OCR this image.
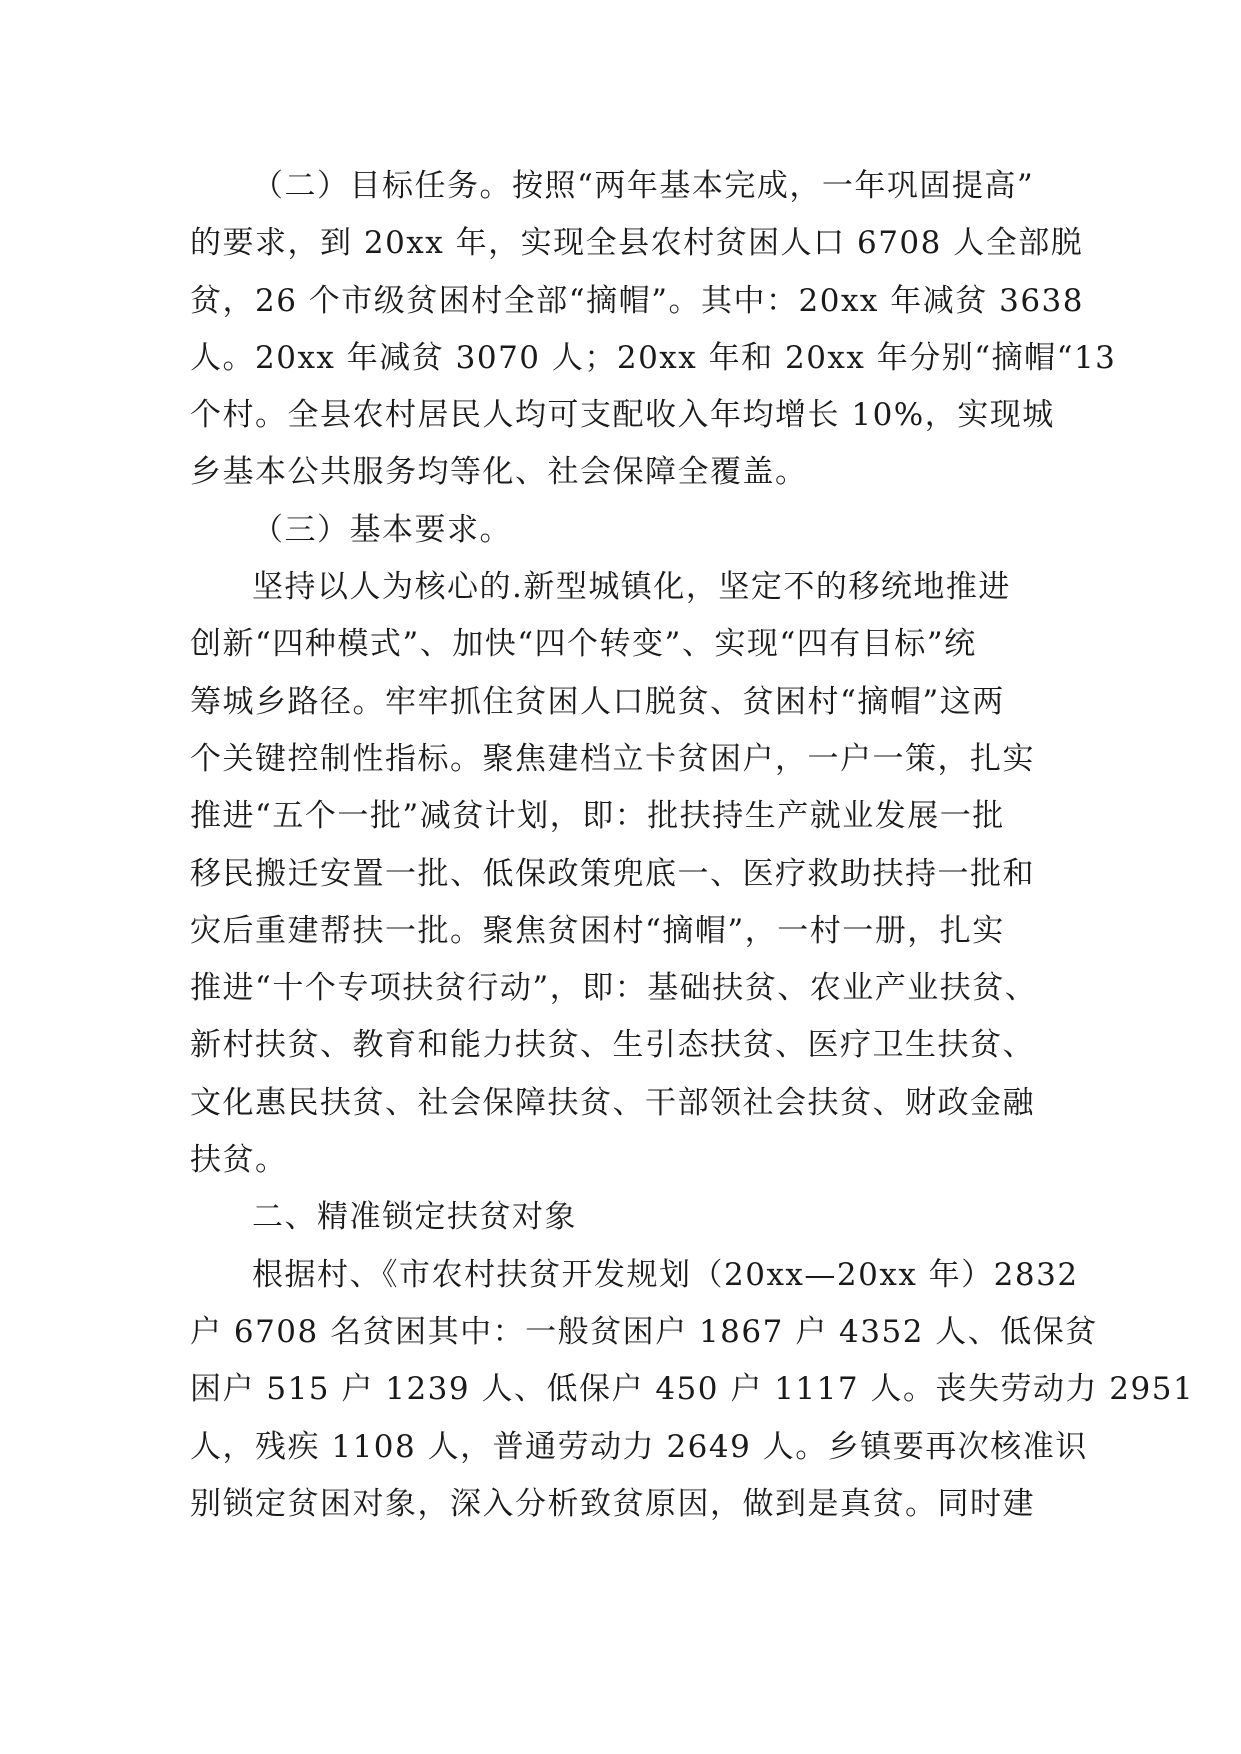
（二）目标任务。按照“两年基本完成，一年巩固提高”
的要求，到 20xx 年，实现全县农村贫困人口 6708 人全部脱
贫，26 个市级贫困村全部“摘帽”。其中：20xx 年减贫 3638
人。20xx 年减贫 3070 人；20xx 年和 20xx 年分别“摘帽“13
个村。全县农村居民人均可支配收入年均增长 10%，实现城
乡基本公共服务均等化、社会保障全覆盖。
（三）基本要求。
坚持以人为核心的.新型城镇化，坚定不的移统地推进
创新“四种模式”、加快“四个转变”、实现“四有目标”统
筹城乡路径。牢牢抓住贫困人口脱贫、贫困村“摘帽”这两
个关键控制性指标。聚焦建档立卡贫困户，一户一策，扎实
推进“五个一批”减贫计划，即：批扶持生产就业发展一批
移民搬迁安置一批、低保政策兜底一、医疗救助扶持一批和
灾后重建帮扶一批。聚焦贫困村“摘帽”，一村一册，扎实
推进“十个专项扶贫行动”，即：基础扶贫、农业产业扶贫、
新村扶贫、教育和能力扶贫、生引态扶贫、医疗卫生扶贫、
文化惠民扶贫、社会保障扶贫、干部领社会扶贫、财政金融
扶贫。
二、精准锁定扶贫对象
根据村、《市农村扶贫开发规划（20xx—20xx 年）2832
户 6708 名贫困其中：一般贫困户 1867 户 4352 人、低保贫
困户 515 户 1239 人、低保户 450 户 1117 人。丧失劳动力 2951
人，残疾 1108 人，普通劳动力 2649 人。乡镇要再次核准识
别锁定贫困对象，深入分析致贫原因，做到是真贫。同时建
